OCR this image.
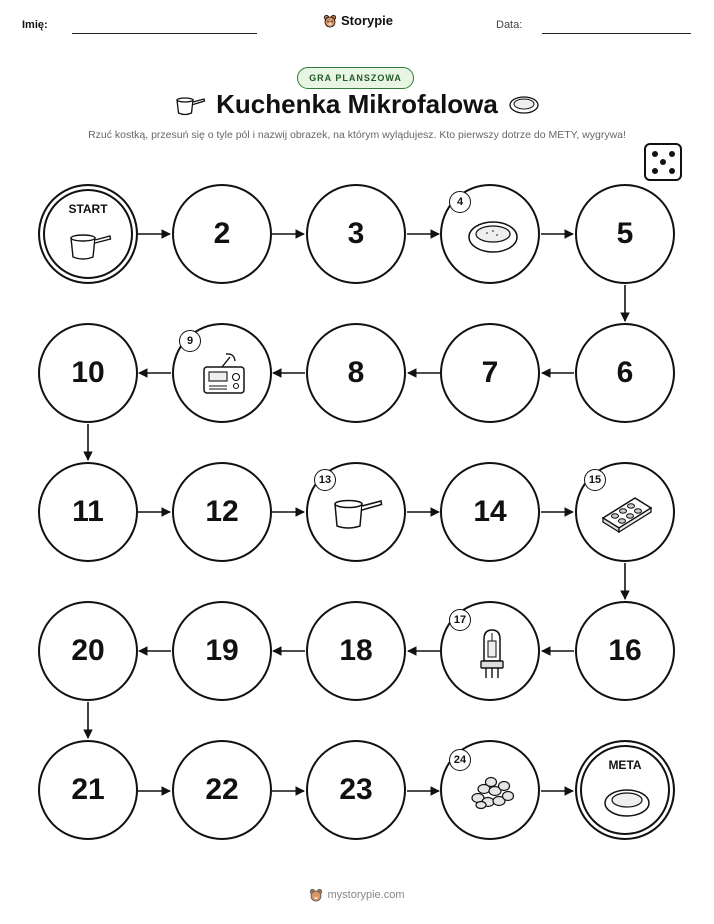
Imię:	Storypie	Data:
GRA PLANSZOWA
Kuchenka Mikrofalowa
Rzuć kostką, przesuń się o tyle pól i nazwij obrazek, na którym wylądujesz. Kto pierwszy dotrze do METY, wygrywa!
START
2	3
4
5
10
9
8	7	6
11	12
13
14
15
20	19	18
17
16
21	22	23
24	META
mystorypie.com
